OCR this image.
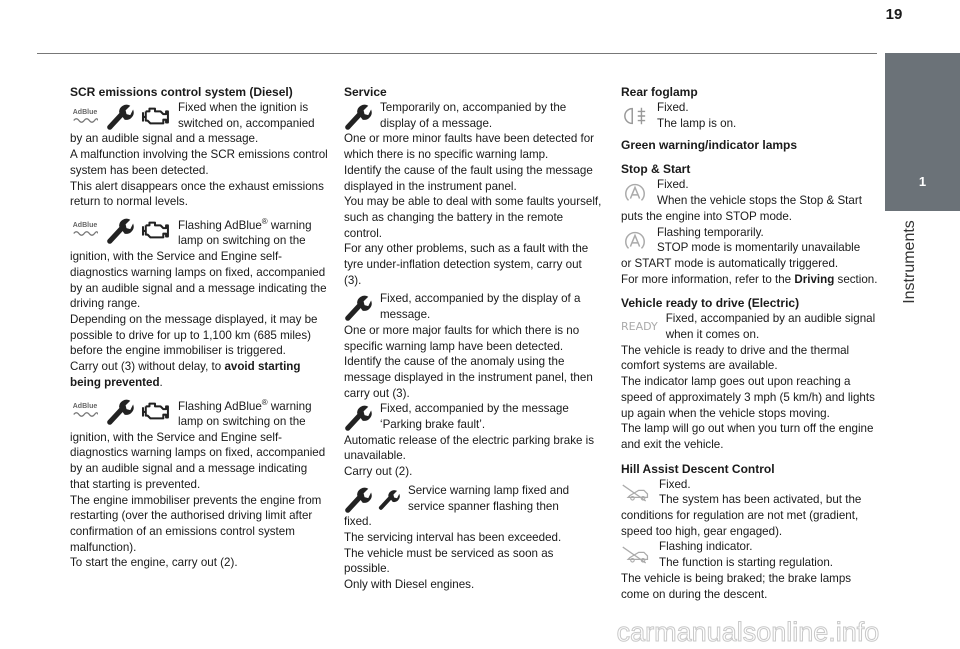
19
1
Instruments
SCR emissions control system (Diesel)
AdBlue	Fixed when the ignition is switched on, accompanied

by an audible signal and a message.
A malfunction involving the SCR emissions control system has been detected.
This alert disappears once the exhaust emissions return to normal levels.

AdBlue	Flashing AdBlue® warning lamp on switching on the

ignition, with the Service and Engine self-diagnostics warning lamps on fixed, accompanied by an audible signal and a message indicating the driving range.
Depending on the message displayed, it may be possible to drive for up to 1,100 km (685 miles) before the engine immobiliser is triggered.
Carry out (3) without delay, to avoid starting being prevented.

AdBlue	Flashing AdBlue® warning lamp on switching on the

ignition, with the Service and Engine self-diagnostics warning lamps on fixed, accompanied by an audible signal and a message indicating that starting is prevented.
The engine immobiliser prevents the engine from restarting (over the authorised driving limit after confirmation of an emissions control system malfunction).
To start the engine, carry out (2).

Service

Temporarily on, accompanied by the display of a message.

One or more minor faults have been detected for which there is no specific warning lamp.
Identify the cause of the fault using the message displayed in the instrument panel.
You may be able to deal with some faults yourself, such as changing the battery in the remote control.
For any other problems, such as a fault with the tyre under-inflation detection system, carry out (3).

Fixed, accompanied by the display of a message.

One or more major faults for which there is no specific warning lamp have been detected.
Identify the cause of the anomaly using the message displayed in the instrument panel, then carry out (3).

Fixed, accompanied by the message ‘Parking brake fault’.

Automatic release of the electric parking brake is unavailable.
Carry out (2).

Service warning lamp fixed and service spanner flashing then

fixed.
The servicing interval has been exceeded.
The vehicle must be serviced as soon as possible.
Only with Diesel engines.

Rear foglamp

Fixed.

The lamp is on.

Green warning/indicator lamps
Stop & Start

Fixed.

When the vehicle stops the Stop & Start

puts the engine into STOP mode.

Flashing temporarily.

STOP mode is momentarily unavailable

or START mode is automatically triggered.
For more information, refer to the Driving section.

Vehicle ready to drive (Electric)
READY

Fixed, accompanied by an audible signal when it comes on.

The vehicle is ready to drive and the thermal comfort systems are available.
The indicator lamp goes out upon reaching a speed of approximately 3 mph (5 km/h) and lights up again when the vehicle stops moving.
The lamp will go out when you turn off the engine and exit the vehicle.

Hill Assist Descent Control

Fixed.

The system has been activated, but the

conditions for regulation are not met (gradient, speed too high, gear engaged).

Flashing indicator.

The function is starting regulation.

The vehicle is being braked; the brake lamps come on during the descent.

carmanualsonline.info
